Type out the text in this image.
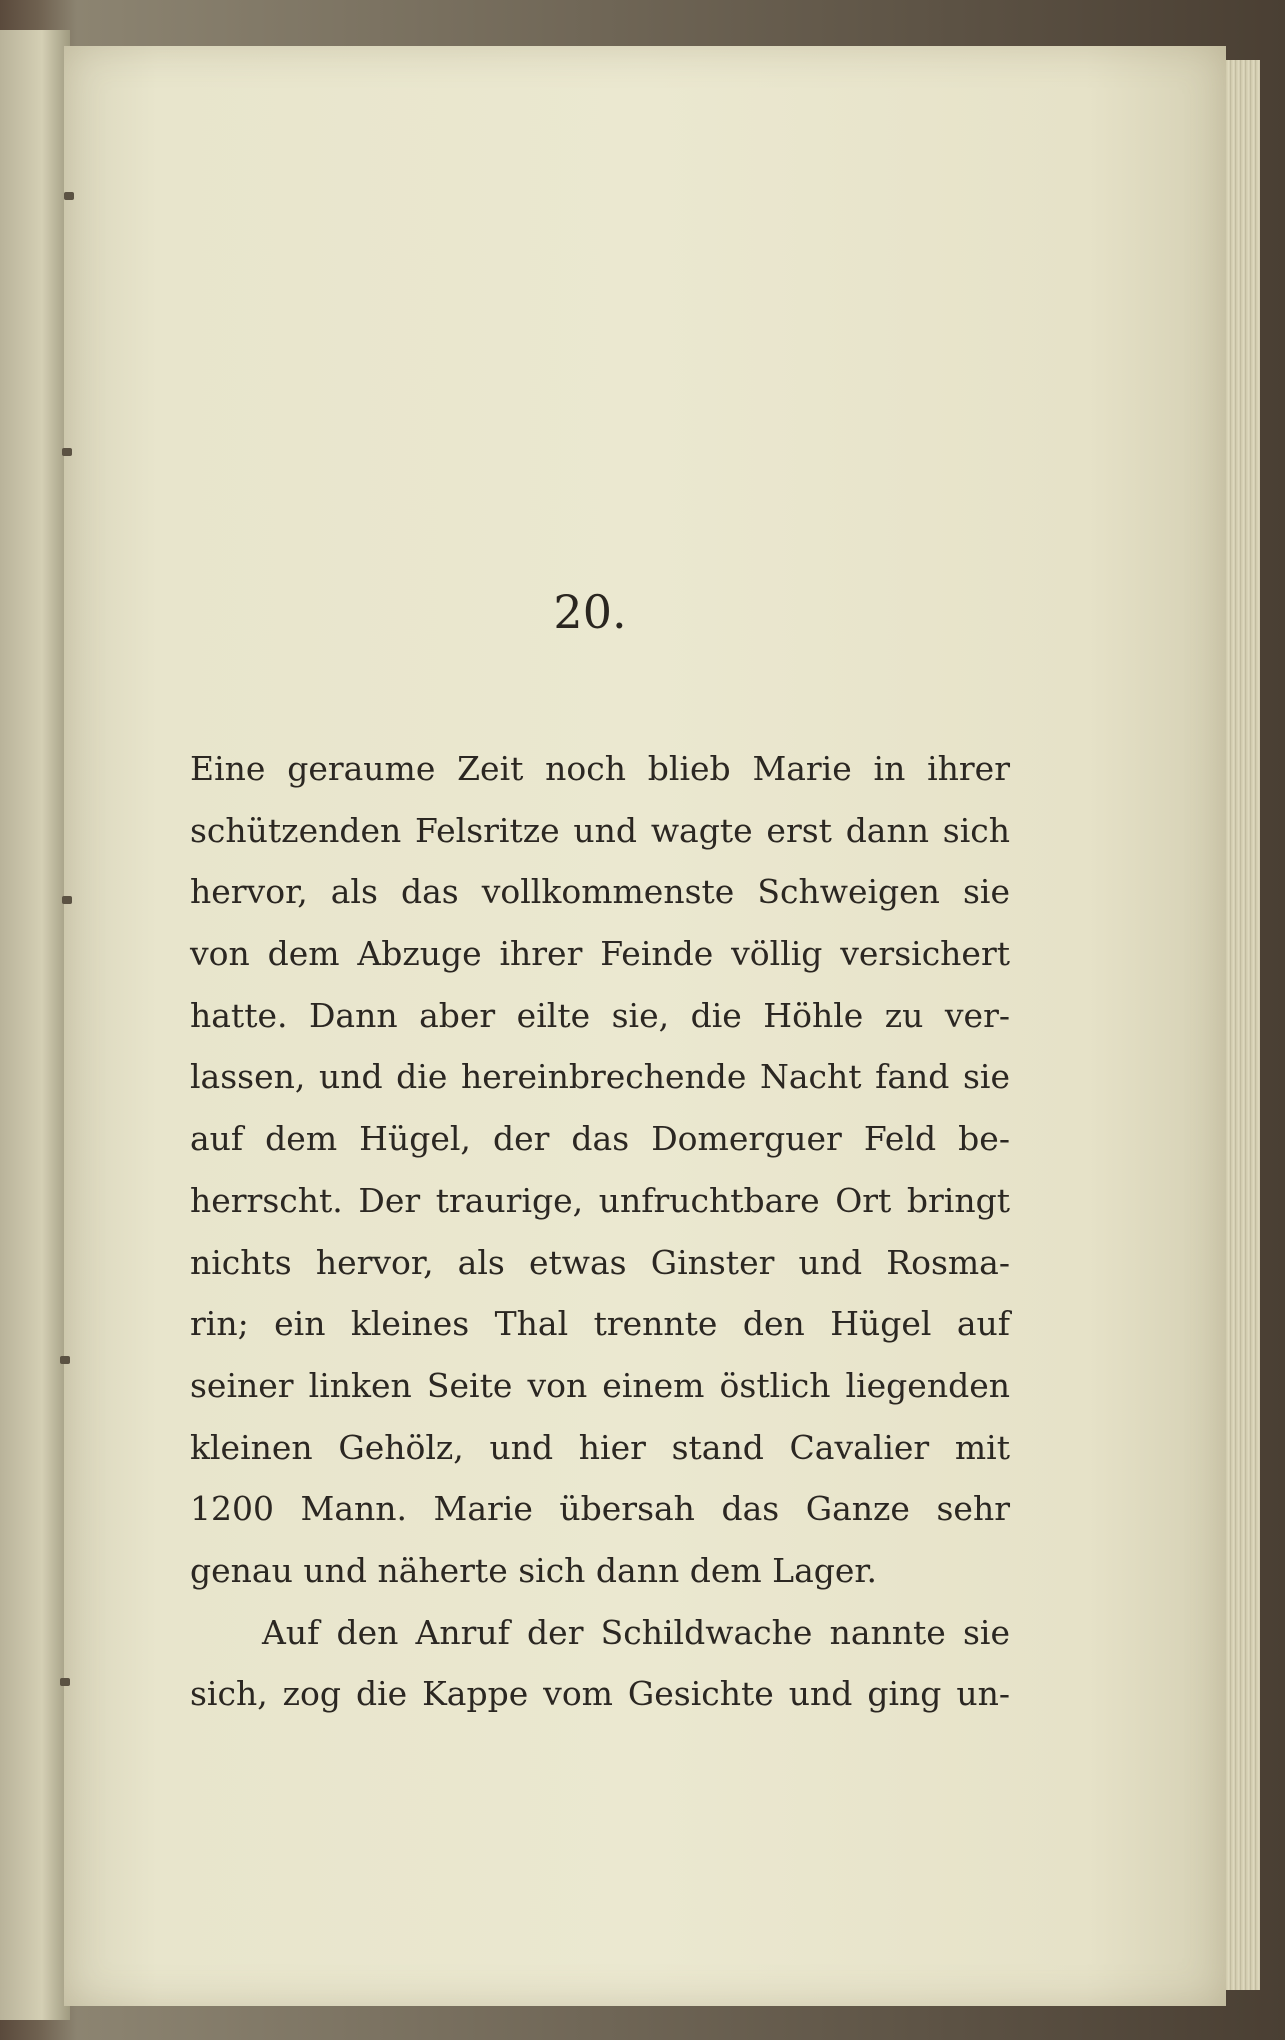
20.
Eine geraume Zeit noch blieb Marie in ihrer
schützenden Felsritze und wagte erst dann sich
hervor, als das vollkommenste Schweigen sie
von dem Abzuge ihrer Feinde völlig versichert
hatte. Dann aber eilte sie, die Höhle zu ver-
lassen, und die hereinbrechende Nacht fand sie
auf dem Hügel, der das Domerguer Feld be-
herrscht. Der traurige, unfruchtbare Ort bringt
nichts hervor, als etwas Ginster und Rosma-
rin; ein kleines Thal trennte den Hügel auf
seiner linken Seite von einem östlich liegenden
kleinen Gehölz, und hier stand Cavalier mit
1200 Mann. Marie übersah das Ganze sehr
genau und näherte sich dann dem Lager.
Auf den Anruf der Schildwache nannte sie
sich, zog die Kappe vom Gesichte und ging un-
